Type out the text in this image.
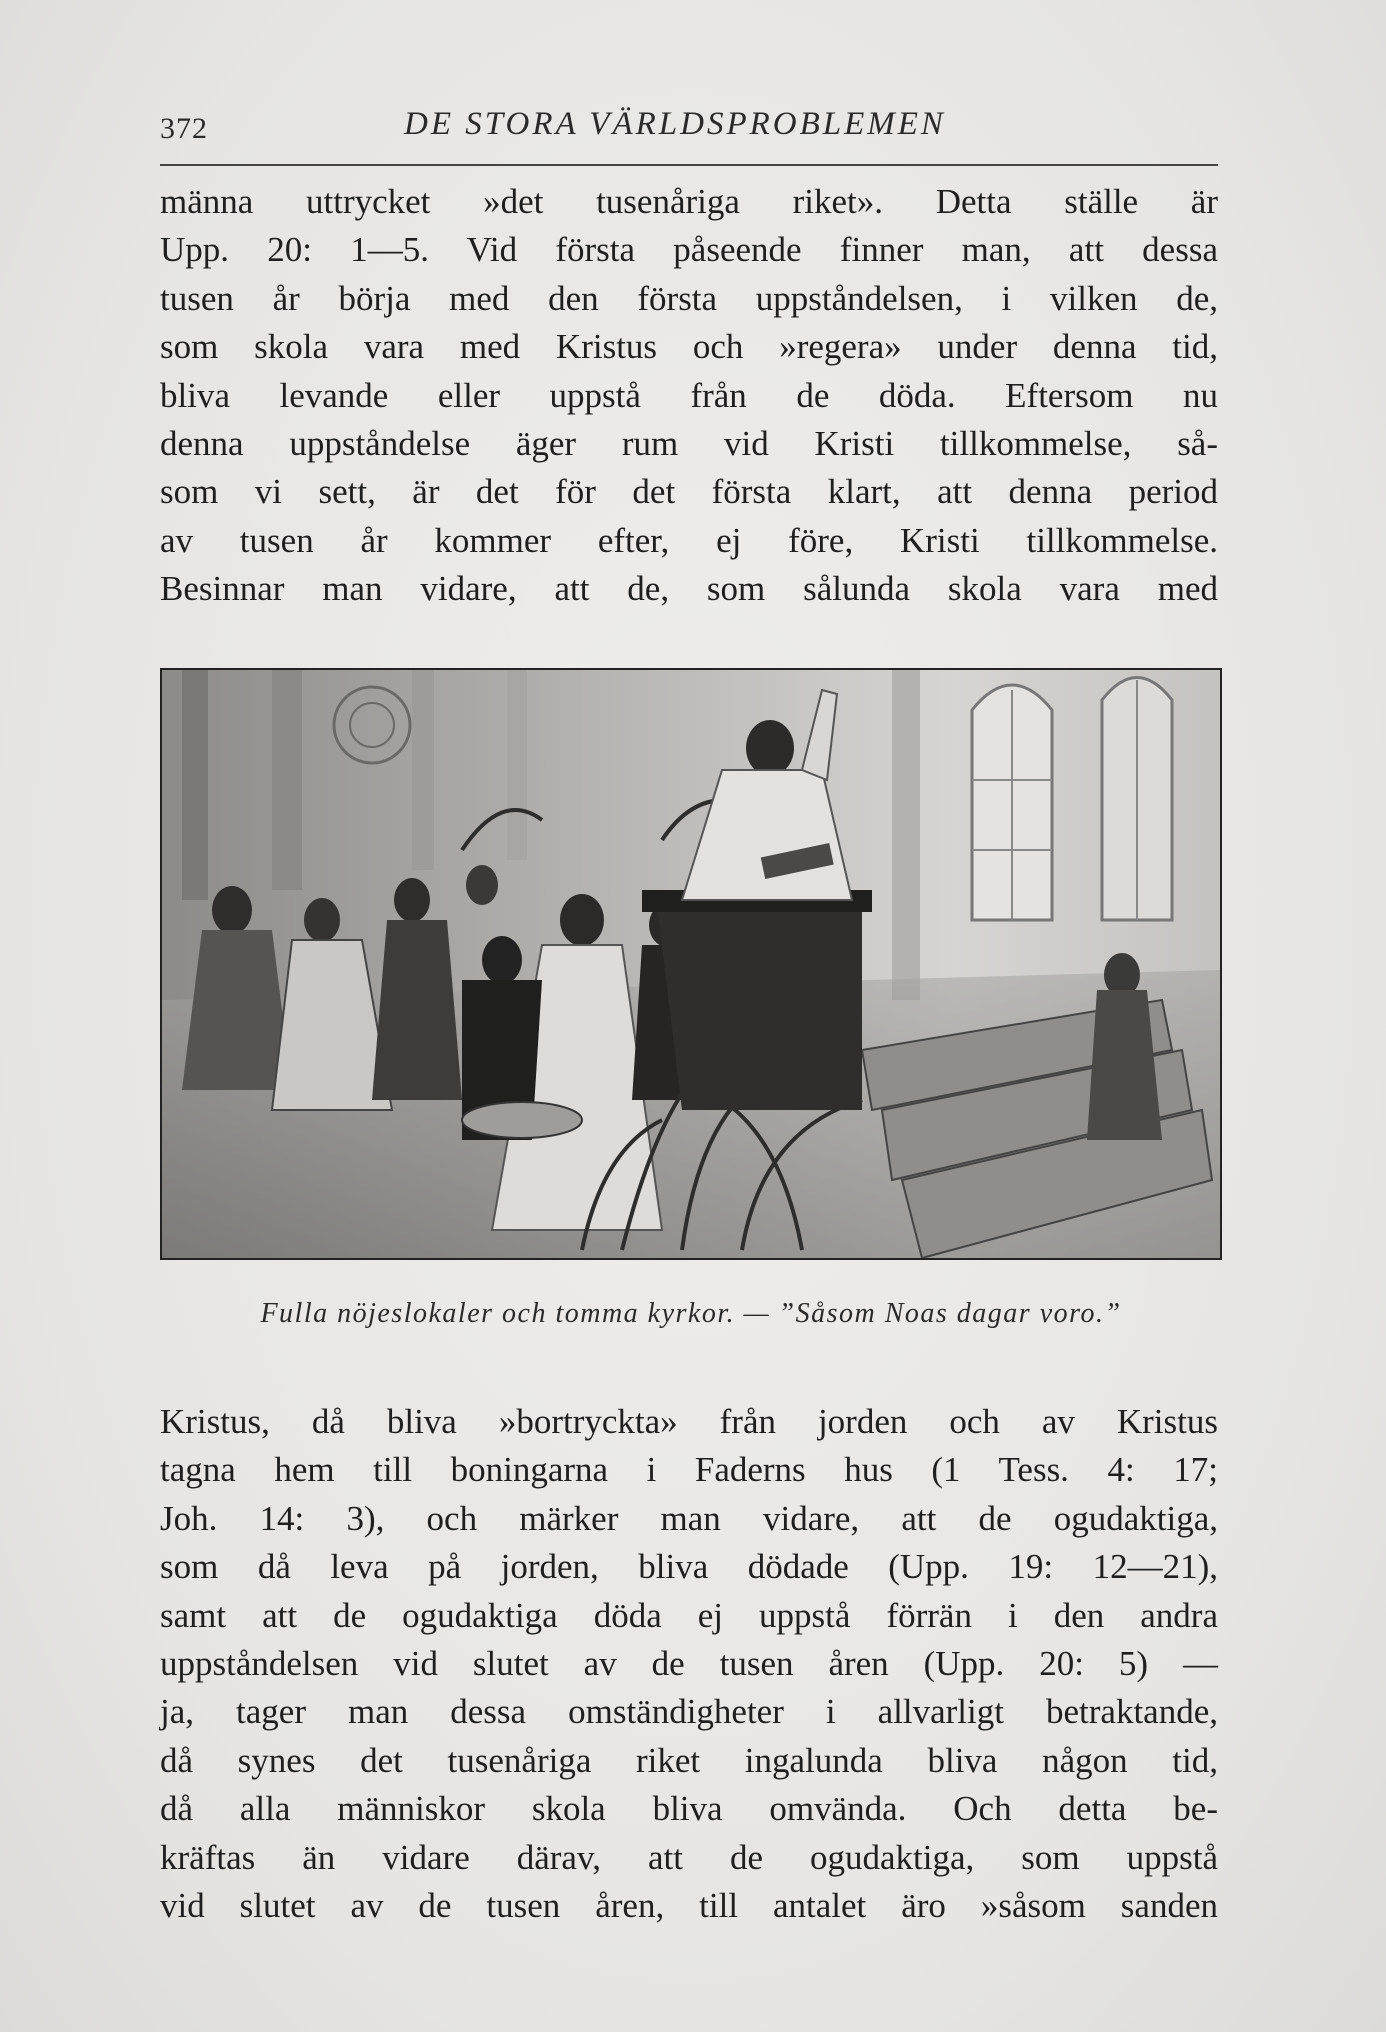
372	DE STORA VÄRLDSPROBLEMEN
männa uttrycket »det tusenåriga riket». Detta ställe är
Upp. 20: 1—5. Vid första påseende finner man, att dessa
tusen år börja med den första uppståndelsen, i vilken de,
som skola vara med Kristus och »regera» under denna tid,
bliva levande eller uppstå från de döda. Eftersom nu
denna uppståndelse äger rum vid Kristi tillkommelse, så-
som vi sett, är det för det första klart, att denna period
av tusen år kommer efter, ej före, Kristi tillkommelse.
Besinnar man vidare, att de, som sålunda skola vara med
Fulla nöjeslokaler och tomma kyrkor. — ”Såsom Noas dagar voro.”
Kristus, då bliva »bortryckta» från jorden och av Kristus
tagna hem till boningarna i Faderns hus (1 Tess. 4: 17;
Joh. 14: 3), och märker man vidare, att de ogudaktiga,
som då leva på jorden, bliva dödade (Upp. 19: 12—21),
samt att de ogudaktiga döda ej uppstå förrän i den andra
uppståndelsen vid slutet av de tusen åren (Upp. 20: 5) —
ja, tager man dessa omständigheter i allvarligt betraktande,
då synes det tusenåriga riket ingalunda bliva någon tid,
då alla människor skola bliva omvända. Och detta be-
kräftas än vidare därav, att de ogudaktiga, som uppstå
vid slutet av de tusen åren, till antalet äro »såsom sanden
